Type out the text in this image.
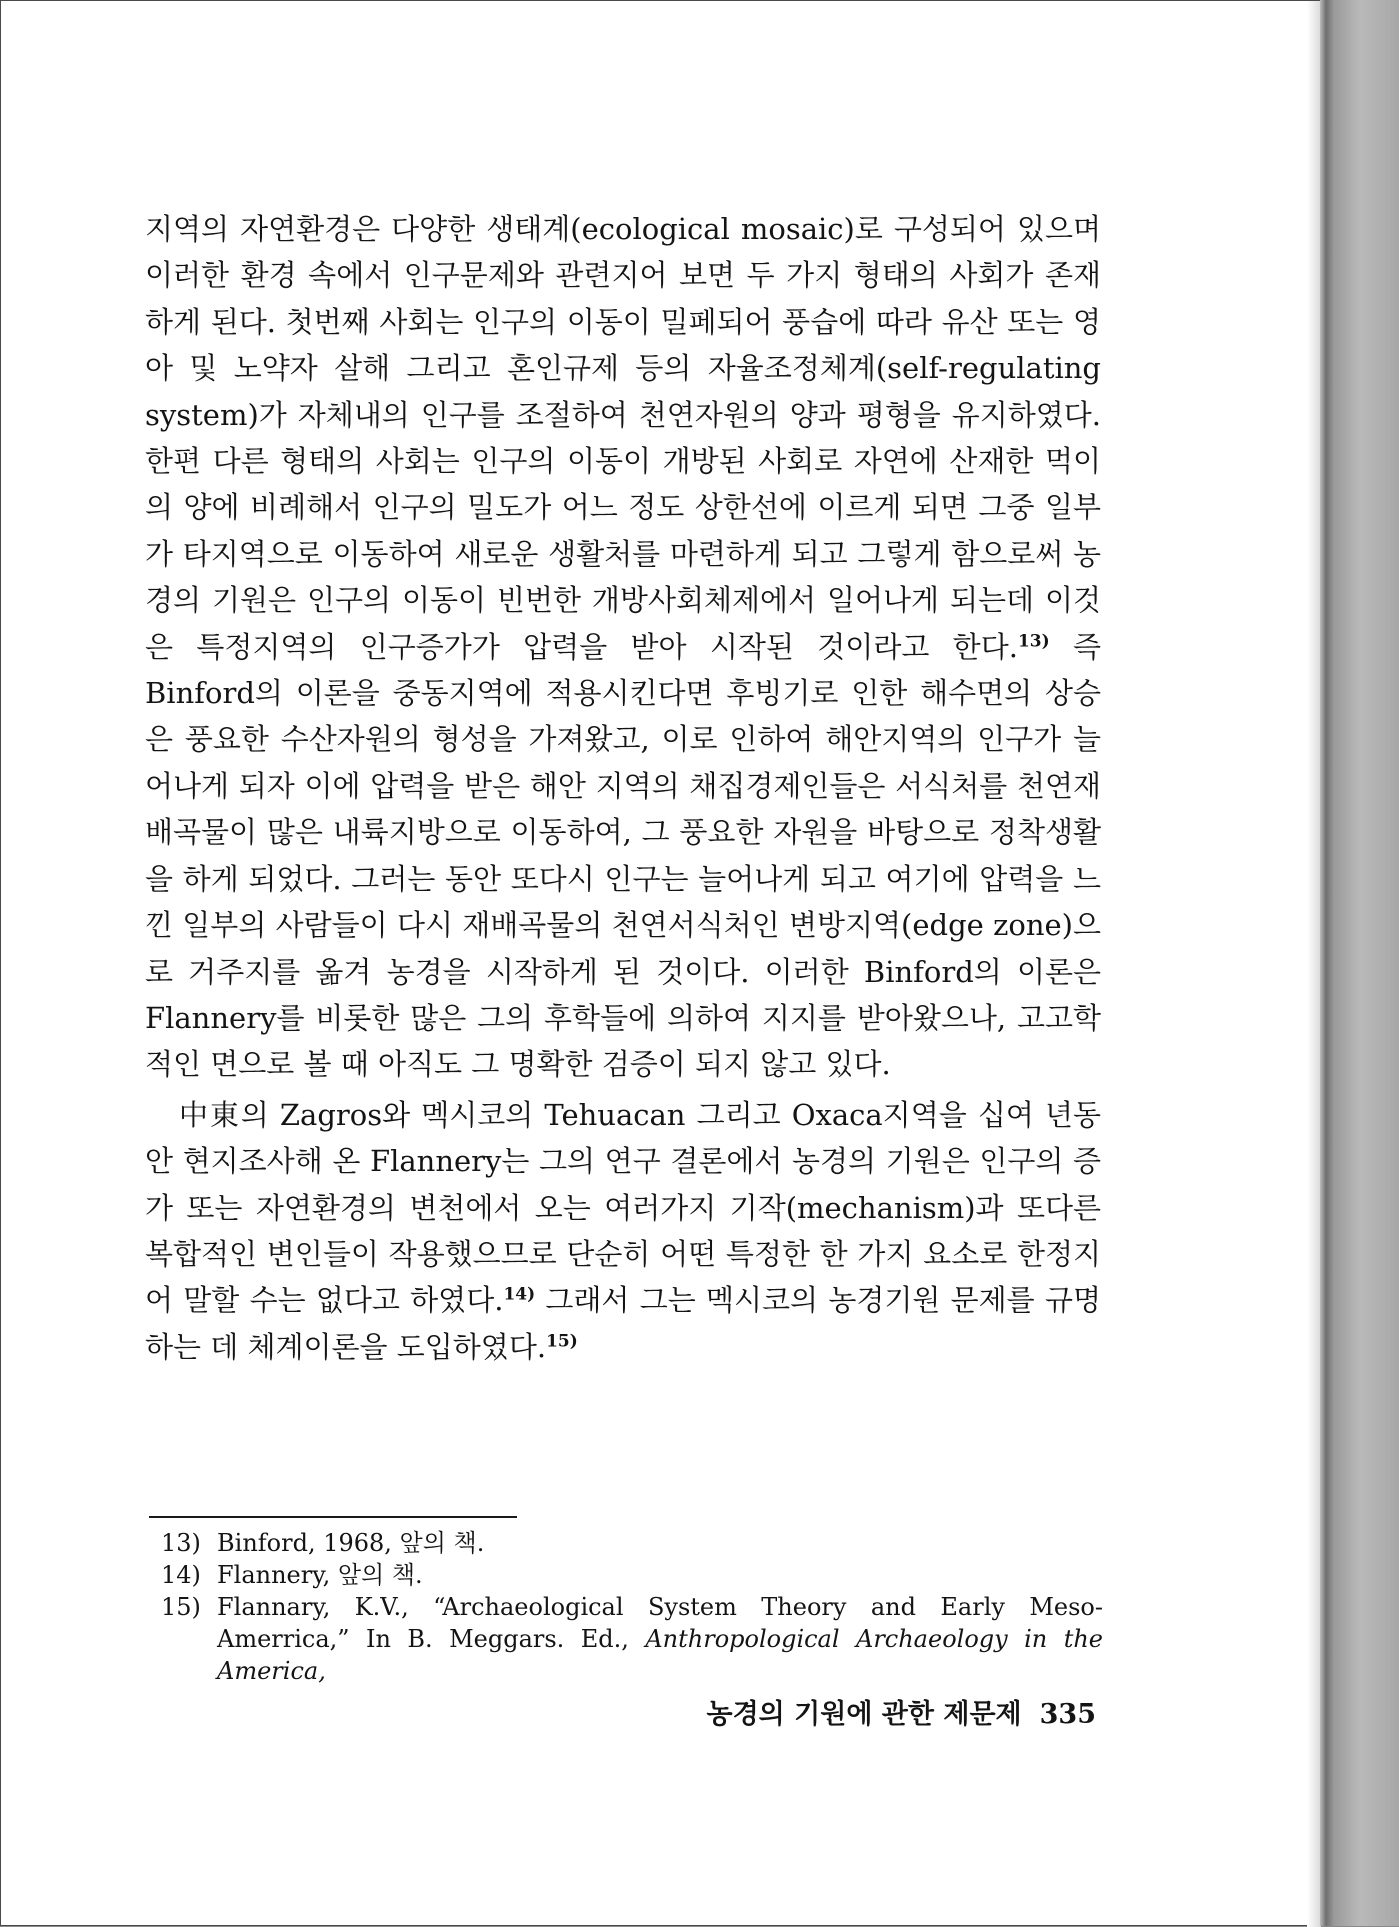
지역의 자연환경은 다양한 생태계(ecological mosaic)로 구성되어 있으며 이러한 환경 속에서 인구문제와 관련지어 보면 두 가지 형태의 사회가 존재하게 된다. 첫번째 사회는 인구의 이동이 밀페되어 풍습에 따라 유산 또는 영아 및 노약자 살해 그리고 혼인규제 등의 자율조정체계(self-regulating system)가 자체내의 인구를 조절하여 천연자원의 양과 평형을 유지하였다. 한편 다른 형태의 사회는 인구의 이동이 개방된 사회로 자연에 산재한 먹이의 양에 비례해서 인구의 밀도가 어느 정도 상한선에 이르게 되면 그중 일부가 타지역으로 이동하여 새로운 생활처를 마련하게 되고 그렇게 함으로써 농경의 기원은 인구의 이동이 빈번한 개방사회체제에서 일어나게 되는데 이것은 특정지역의 인구증가가 압력을 받아 시작된 것이라고 한다.$^{13)}$ 즉 Binford의 이론을 중동지역에 적용시킨다면 후빙기로 인한 해수면의 상승은 풍요한 수산자원의 형성을 가져왔고, 이로 인하여 해안지역의 인구가 늘어나게 되자 이에 압력을 받은 해안 지역의 채집경제인들은 서식처를 천연재배곡물이 많은 내륙지방으로 이동하여, 그 풍요한 자원을 바탕으로 정착생활을 하게 되었다. 그러는 동안 또다시 인구는 늘어나게 되고 여기에 압력을 느낀 일부의 사람들이 다시 재배곡물의 천연서식처인 변방지역(edge zone)으로 거주지를 옮겨 농경을 시작하게 된 것이다. 이러한 Binford의 이론은 Flannery를 비롯한 많은 그의 후학들에 의하여 지지를 받아왔으나, 고고학적인 면으로 볼 때 아직도 그 명확한 검증이 되지 않고 있다.

中東의 Zagros와 멕시코의 Tehuacan 그리고 Oxaca지역을 십여 년동안 현지조사해 온 Flannery는 그의 연구 결론에서 농경의 기원은 인구의 증가 또는 자연환경의 변천에서 오는 여러가지 기작(mechanism)과 또다른 복합적인 변인들이 작용했으므로 단순히 어떤 특정한 한 가지 요소로 한정지어 말할 수는 없다고 하였다.$^{14)}$ 그래서 그는 멕시코의 농경기원 문제를 규명하는 데 체계이론을 도입하였다.$^{15)}$

13) Binford, 1968, 앞의 책.
14) Flannery, 앞의 책.
15) Flannary, K.V., “Archaeological System Theory and Early Meso-Amerrica,” In B. Meggars. Ed., Anthropological Archaeology in the America,
농경의 기원에 관한 제문제 335
